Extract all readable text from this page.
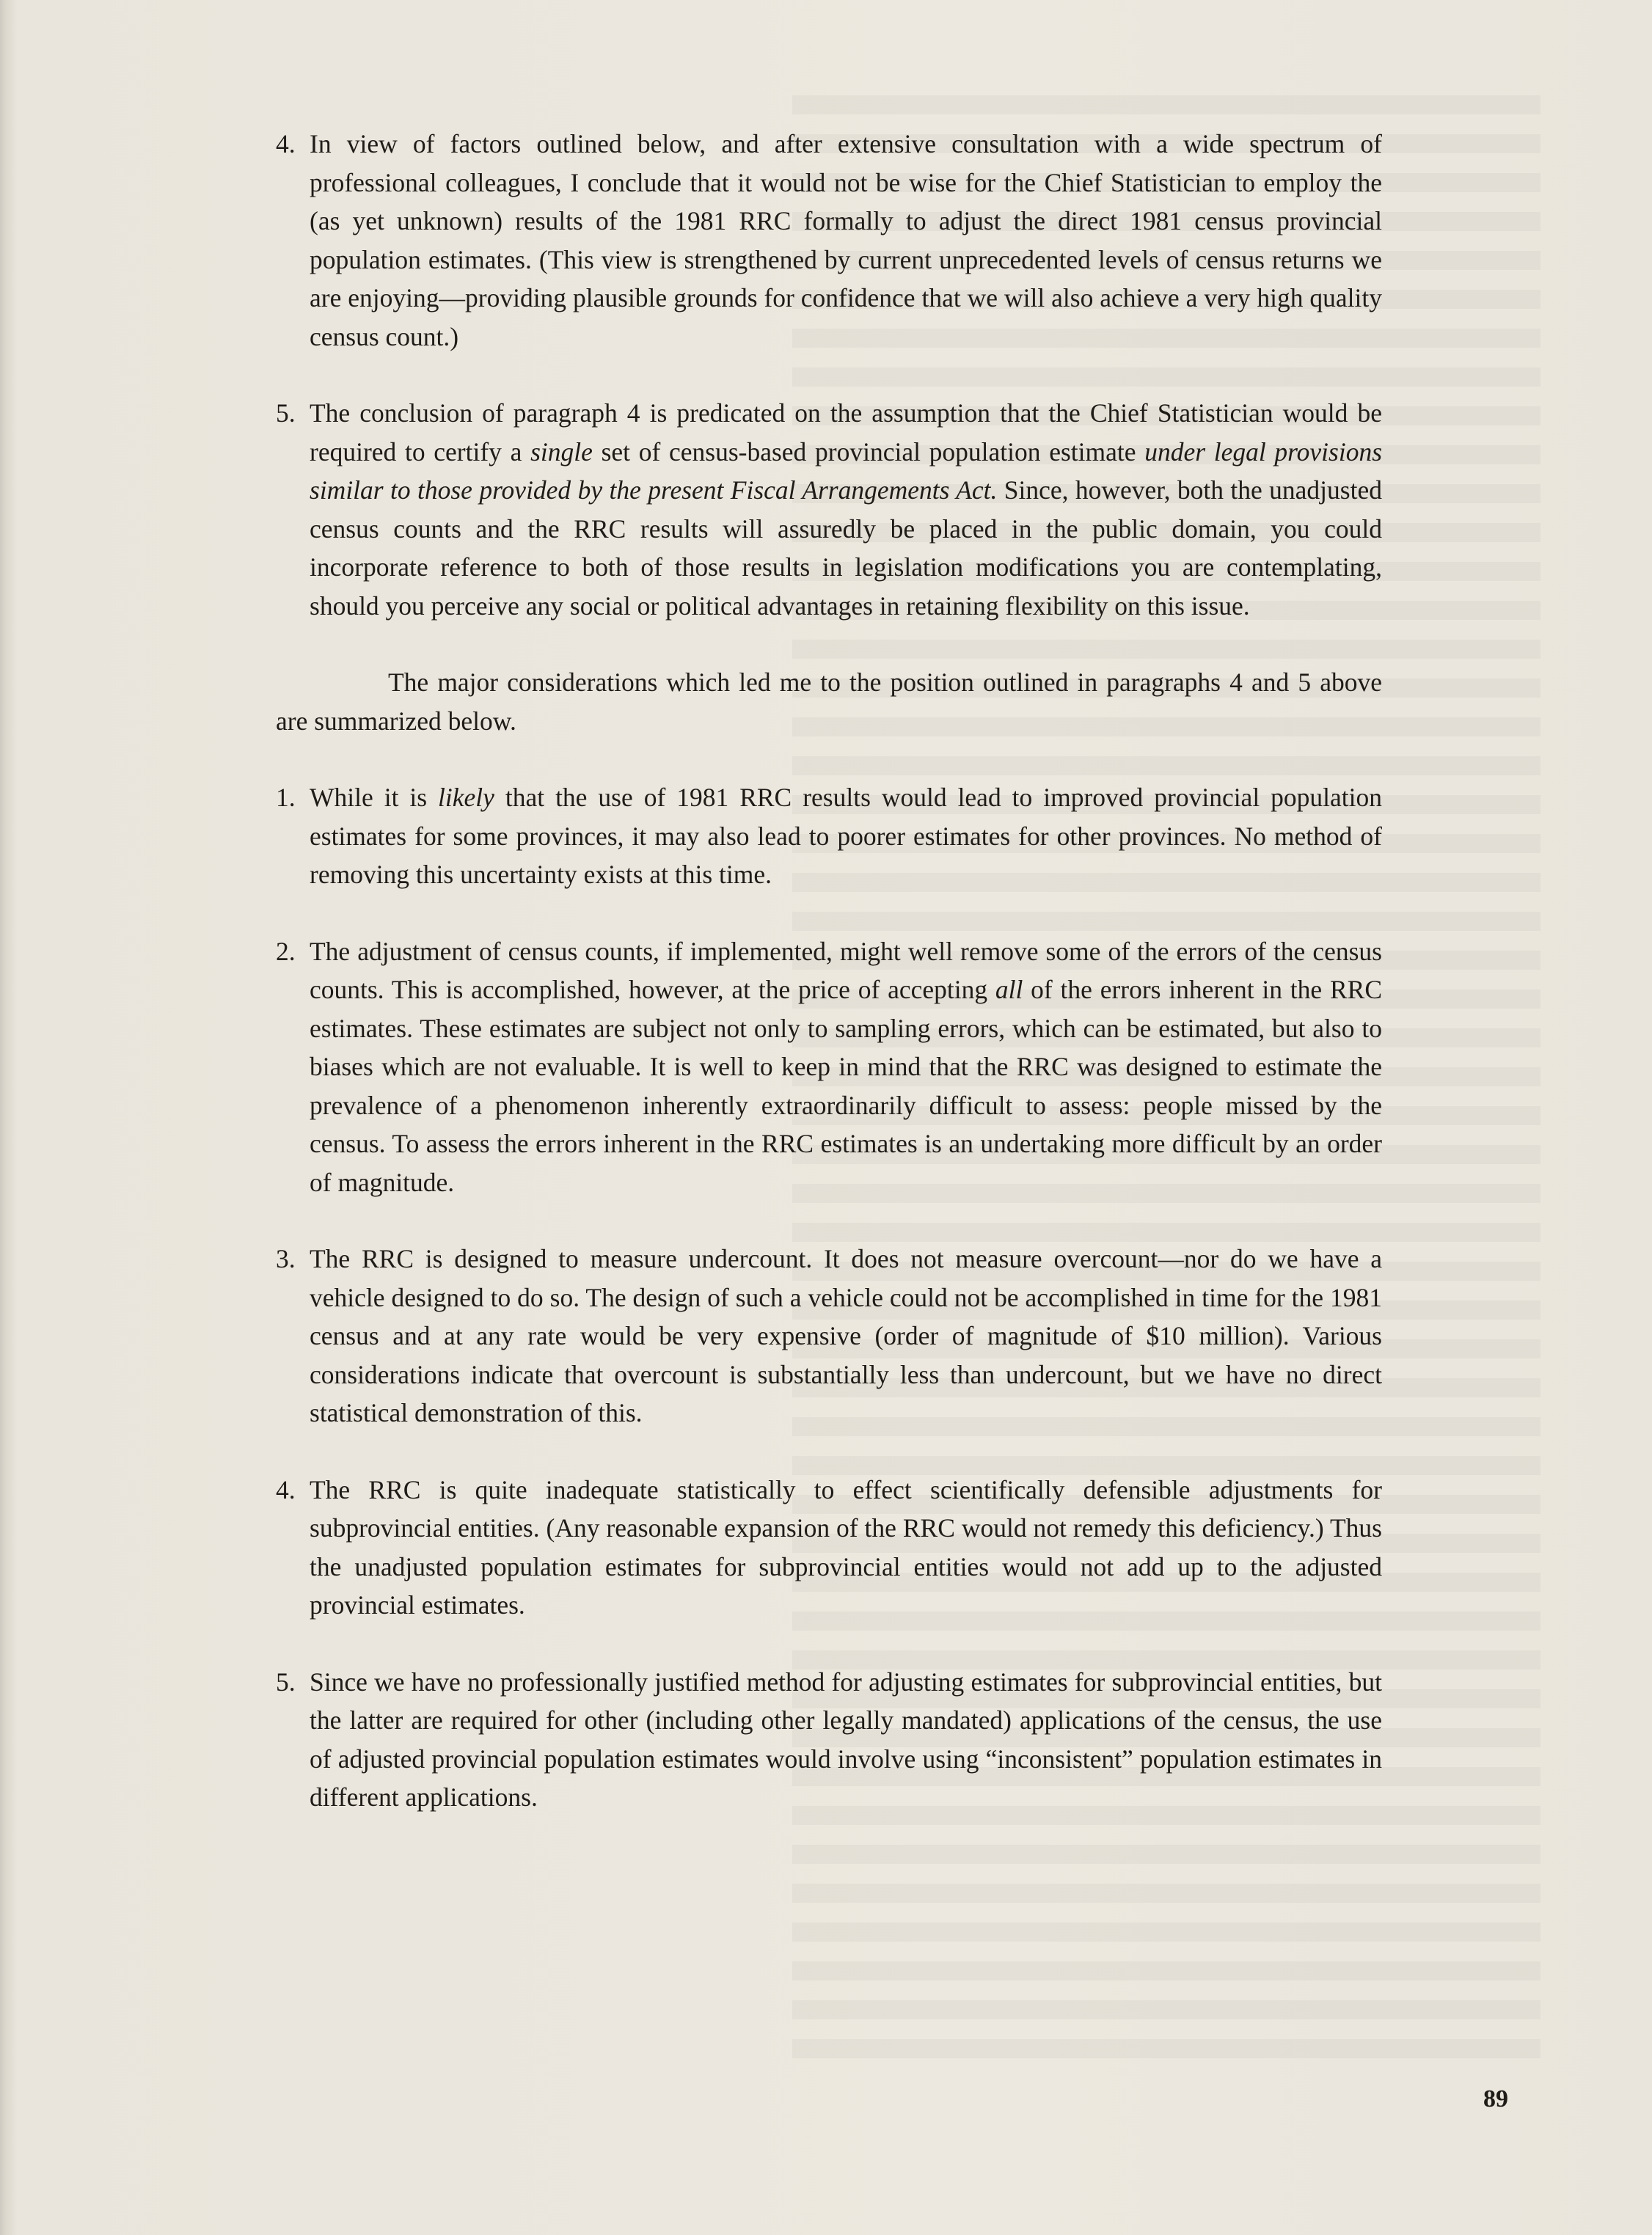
4. In view of factors outlined below, and after extensive consultation with a wide spectrum of professional colleagues, I conclude that it would not be wise for the Chief Statistician to employ the (as yet unknown) results of the 1981 RRC formally to adjust the direct 1981 census provincial population estimates. (This view is strengthened by current unprecedented levels of census returns we are enjoying—providing plausible grounds for confidence that we will also achieve a very high quality census count.)
5. The conclusion of paragraph 4 is predicated on the assumption that the Chief Statistician would be required to certify a single set of census-based provincial population estimate under legal provisions similar to those provided by the present Fiscal Arrangements Act. Since, however, both the unadjusted census counts and the RRC results will assuredly be placed in the public domain, you could incorporate reference to both of those results in legislation modifications you are contemplating, should you perceive any social or political advantages in retaining flexibility on this issue.

The major considerations which led me to the position outlined in paragraphs 4 and 5 above are summarized below.

1. While it is likely that the use of 1981 RRC results would lead to improved provincial population estimates for some provinces, it may also lead to poorer estimates for other provinces. No method of removing this uncertainty exists at this time.
2. The adjustment of census counts, if implemented, might well remove some of the errors of the census counts. This is accomplished, however, at the price of accepting all of the errors inherent in the RRC estimates. These estimates are subject not only to sampling errors, which can be estimated, but also to biases which are not evaluable. It is well to keep in mind that the RRC was designed to estimate the prevalence of a phenomenon inherently extraordinarily difficult to assess: people missed by the census. To assess the errors inherent in the RRC estimates is an undertaking more difficult by an order of magnitude.
3. The RRC is designed to measure undercount. It does not measure overcount—nor do we have a vehicle designed to do so. The design of such a vehicle could not be accomplished in time for the 1981 census and at any rate would be very expensive (order of magnitude of $10 million). Various considerations indicate that overcount is substantially less than undercount, but we have no direct statistical demonstration of this.
4. The RRC is quite inadequate statistically to effect scientifically defensible adjustments for subprovincial entities. (Any reasonable expansion of the RRC would not remedy this deficiency.) Thus the unadjusted population estimates for subprovincial entities would not add up to the adjusted provincial estimates.
5. Since we have no professionally justified method for adjusting estimates for subprovincial entities, but the latter are required for other (including other legally mandated) applications of the census, the use of adjusted provincial population estimates would involve using “inconsistent” population estimates in different applications.
89
